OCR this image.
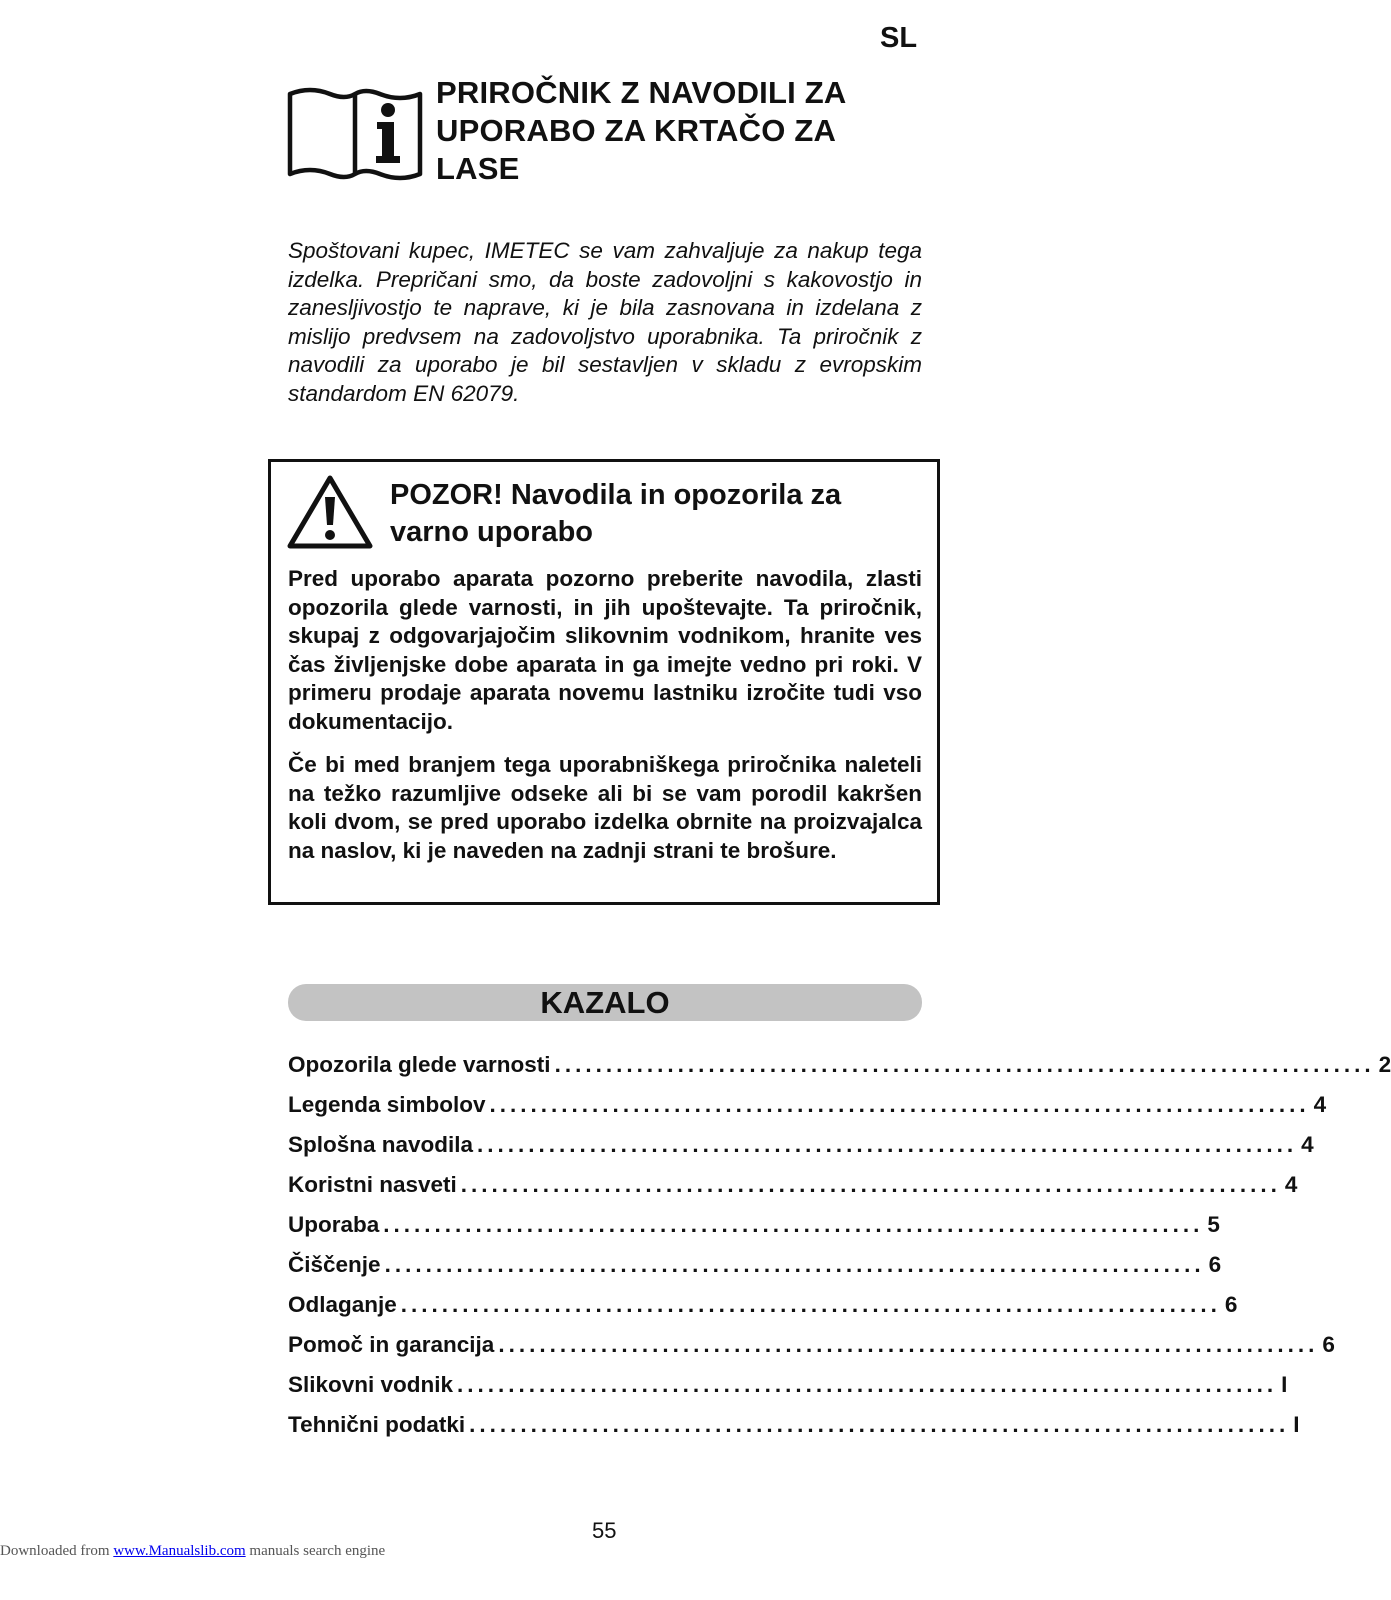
SL
PRIROČNIK Z NAVODILI ZA UPORABO ZA KRTAČO ZA LASE

Spoštovani kupec, IMETEC se vam zahvaljuje za nakup tega izdelka. Prepričani smo, da boste zadovoljni s kakovostjo in zanesljivostjo te naprave, ki je bila zasnovana in izdelana z mislijo predvsem na zadovoljstvo uporabnika. Ta priročnik z navodili za uporabo je bil sestavljen v skladu z evropskim standardom EN 62079.

POZOR! Navodila in opozorila za varno uporabo

Pred uporabo aparata pozorno preberite navodila, zlasti opozorila glede varnosti, in jih upoštevajte. Ta priročnik, skupaj z odgovarjajočim slikovnim vodnikom, hranite ves čas življenjske dobe aparata in ga imejte vedno pri roki. V primeru prodaje aparata novemu lastniku izročite tudi vso dokumentacijo.

Če bi med branjem tega uporabniškega priročnika naleteli na težko razumljive odseke ali bi se vam porodil kakršen koli dvom, se pred uporabo izdelka obrnite na proizvajalca na naslov, ki je naveden na zadnji strani te brošure.

KAZALO
Opozorila glede varnosti ................................................................................ 2
Legenda simbolov ................................................................................ 4
Splošna navodila ................................................................................ 4
Koristni nasveti ................................................................................ 4
Uporaba ................................................................................ 5
Čiščenje ................................................................................ 6
Odlaganje ................................................................................ 6
Pomoč in garancija ................................................................................ 6
Slikovni vodnik ................................................................................ I
Tehnični podatki ................................................................................ I
55
Downloaded from www.Manualslib.com manuals search engine
